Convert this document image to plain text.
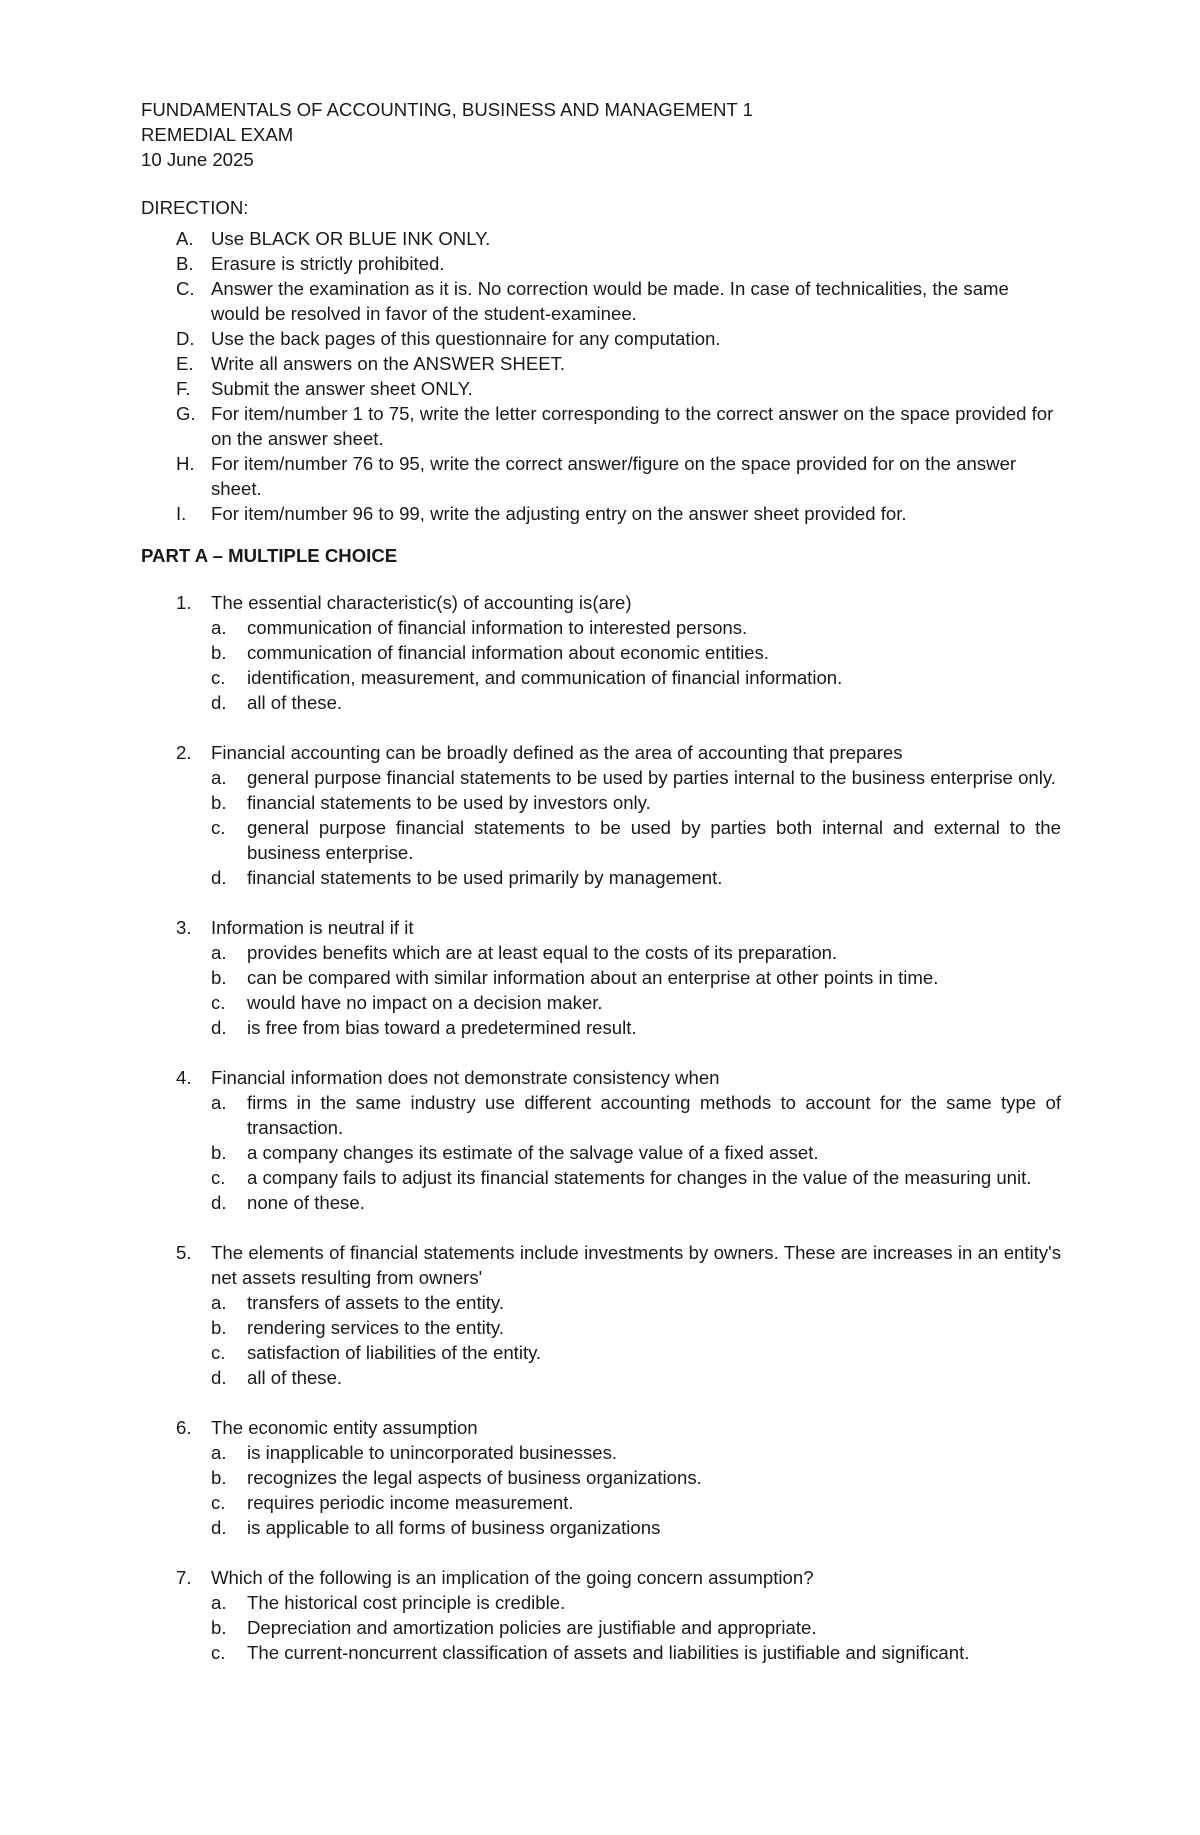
FUNDAMENTALS OF ACCOUNTING, BUSINESS AND MANAGEMENT 1
REMEDIAL EXAM
10 June 2025
DIRECTION:
A. Use BLACK OR BLUE INK ONLY.
B. Erasure is strictly prohibited.
C. Answer the examination as it is. No correction would be made. In case of technicalities, the same would be resolved in favor of the student-examinee.
D. Use the back pages of this questionnaire for any computation.
E. Write all answers on the ANSWER SHEET.
F. Submit the answer sheet ONLY.
G. For item/number 1 to 75, write the letter corresponding to the correct answer on the space provided for on the answer sheet.
H. For item/number 76 to 95, write the correct answer/figure on the space provided for on the answer sheet.
I. For item/number 96 to 99, write the adjusting entry on the answer sheet provided for.
PART A – MULTIPLE CHOICE
1. The essential characteristic(s) of accounting is(are)
a. communication of financial information to interested persons.
b. communication of financial information about economic entities.
c. identification, measurement, and communication of financial information.
d. all of these.
2. Financial accounting can be broadly defined as the area of accounting that prepares
a. general purpose financial statements to be used by parties internal to the business enterprise only.
b. financial statements to be used by investors only.
c. general purpose financial statements to be used by parties both internal and external to the business enterprise.
d. financial statements to be used primarily by management.
3. Information is neutral if it
a. provides benefits which are at least equal to the costs of its preparation.
b. can be compared with similar information about an enterprise at other points in time.
c. would have no impact on a decision maker.
d. is free from bias toward a predetermined result.
4. Financial information does not demonstrate consistency when
a. firms in the same industry use different accounting methods to account for the same type of transaction.
b. a company changes its estimate of the salvage value of a fixed asset.
c. a company fails to adjust its financial statements for changes in the value of the measuring unit.
d. none of these.
5. The elements of financial statements include investments by owners. These are increases in an entity's net assets resulting from owners'
a. transfers of assets to the entity.
b. rendering services to the entity.
c. satisfaction of liabilities of the entity.
d. all of these.
6. The economic entity assumption
a. is inapplicable to unincorporated businesses.
b. recognizes the legal aspects of business organizations.
c. requires periodic income measurement.
d. is applicable to all forms of business organizations
7. Which of the following is an implication of the going concern assumption?
a. The historical cost principle is credible.
b. Depreciation and amortization policies are justifiable and appropriate.
c. The current-noncurrent classification of assets and liabilities is justifiable and significant.
